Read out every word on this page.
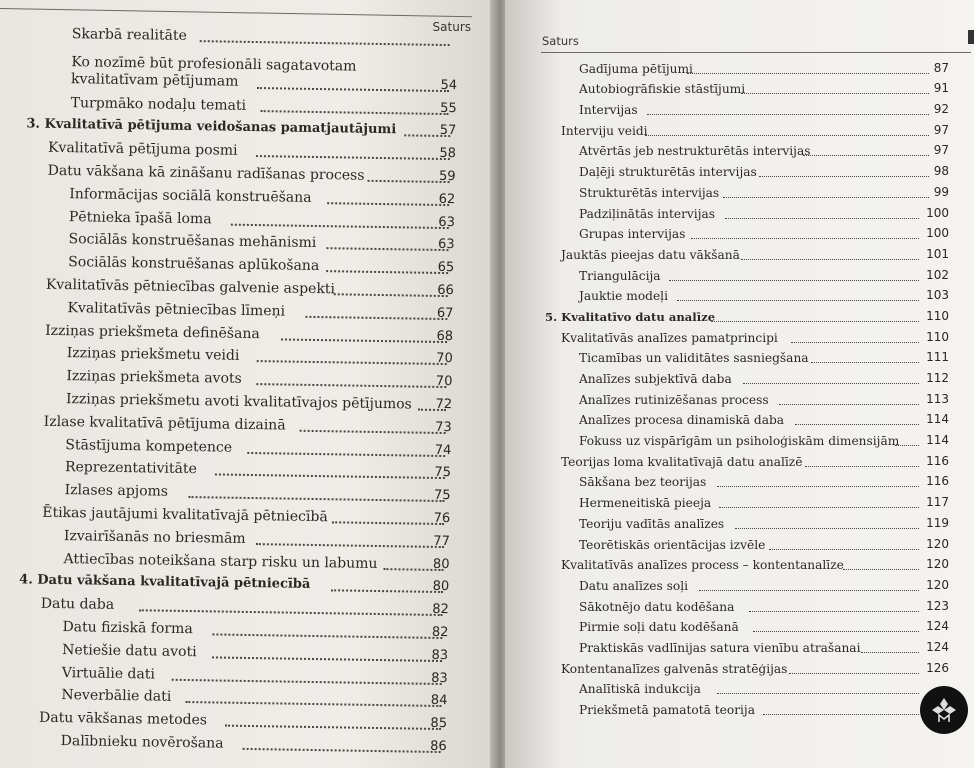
Saturs
Skarbā realitāte
Ko nozīmē būt profesionāli sagatavotam kvalitatīvam pētījumam	54
Turpmāko nodaļu temati	55
3. Kvalitatīvā pētījuma veidošanas pamatjautājumi	57
Kvalitatīvā pētījuma posmi	58
Datu vākšana kā zināšanu radīšanas process	59
Informācijas sociālā konstruēšana	62
Pētnieka īpašā loma	63
Sociālās konstruēšanas mehānismi	63
Sociālās konstruēšanas aplūkošana	65
Kvalitatīvās pētniecības galvenie aspekti	66
Kvalitatīvās pētniecības līmeņi	67
Izziņas priekšmeta definēšana	68
Izziņas priekšmetu veidi	70
Izziņas priekšmeta avots	70
Izziņas priekšmetu avoti kvalitatīvajos pētījumos 72
Izlase kvalitatīvā pētījuma dizainā	73
Stāstījuma kompetence	74
Reprezentativitāte	75
Izlases apjoms	75
Ētikas jautājumi kvalitatīvajā pētniecībā	76
Izvairīšanās no briesmām	77
Attiecības noteikšana starp risku un labumu	80
4. Datu vākšana kvalitatīvajā pētniecībā	80
Datu daba	82
Datu fiziskā forma	82
Netiešie datu avoti	83
Virtuālie dati	83
Neverbālie dati	84
Datu vākšanas metodes	85
Dalībnieku novērošana	86
Saturs
Gadījuma pētījumi	87
Autobiogrāfiskie stāstījumi	91
Intervijas	92
Interviju veidi	97
Atvērtās jeb nestrukturētās intervijas	97
Daļēji strukturētās intervijas	98
Strukturētās intervijas	99
Padziļinātās intervijas	100
Grupas intervijas	100
Jauktās pieejas datu vākšanā	101
Triangulācija	102
Jauktie modeļi	103
5. Kvalitatīvo datu analīze	110
Kvalitatīvās analīzes pamatprincipi	110
Ticamības un validitātes sasniegšana	111
Analīzes subjektīvā daba	112
Analīzes rutinizēšanas process	113
Analīzes procesa dinamiskā daba	114
Fokuss uz vispārīgām un psiholoģiskām dimensijām 114
Teorijas loma kvalitatīvajā datu analīzē	116
Sākšana bez teorijas	116
Hermeneitiskā pieeja	117
Teoriju vadītās analīzes	119
Teorētiskās orientācijas izvēle	120
Kvalitatīvās analīzes process – kontentanalīze	120
Datu analīzes soļi	120
Sākotnējo datu kodēšana	123
Pirmie soļi datu kodēšanā	124
Praktiskās vadlīnijas satura vienību atrašanai	124
Kontentanalīzes galvenās stratēģijas	126
Analītiskā indukcija
Priekšmetā pamatotā teorija
